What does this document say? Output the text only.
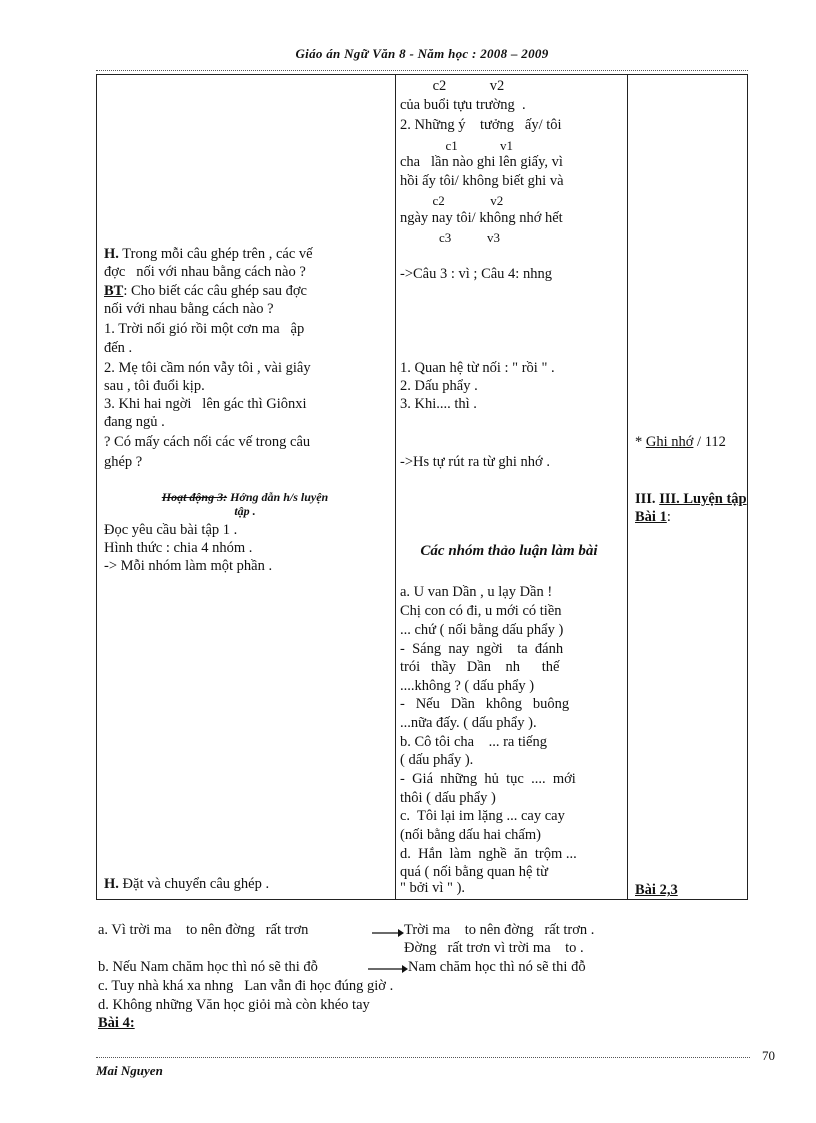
Giáo án Ngữ Văn 8 - Năm học : 2008 – 2009
c2            v2
của buổi tựu trường  .
2. Những ý    tưởng   ấy/ tôi
c1             v1
cha   lần nào ghi lên giấy, vì
hồi ấy tôi/ không biết ghi và
c2              v2
ngày nay tôi/ không nhớ hết
c3           v3
->Câu 3 : vì ; Câu 4: nhng
1. Quan hệ từ nối : " rồi " .
2. Dấu phẩy .
3. Khi.... thì .
->Hs tự rút ra từ ghi nhớ .
Các nhóm thảo luận làm bài
a. U van Dần , u lạy Dần !
Chị con có đi, u mới có tiền
... chứ ( nối bằng dấu phẩy )
-  Sáng  nay  ngời    ta  đánh
trói   thầy   Dần    nh      thế
....không ? ( dấu phẩy )
-   Nếu   Dần   không   buông
...nữa đấy. ( dấu phẩy ).
b. Cô tôi cha    ... ra tiếng
( dấu phẩy ).
-  Giá  những  hủ  tục  ....  mới
thôi ( dấu phẩy )
c.  Tôi lại im lặng ... cay cay
(nối bằng dấu hai chấm)
d.  Hắn  làm  nghề  ăn  trộm ...
quá ( nối bằng quan hệ từ
" bởi vì " ).
H. Trong mỗi câu ghép trên , các vế
đợc   nối với nhau bằng cách nào ?
BT: Cho biết các câu ghép sau đợc
nối với nhau bằng cách nào ?
1. Trời nổi gió rồi một cơn ma   ập
đến .
2. Mẹ tôi cầm nón vẫy tôi , vài giây
sau , tôi đuổi kịp.
3. Khi hai ngời   lên gác thì Giônxi
đang ngủ .
? Có mấy cách nối các vế trong câu
ghép ?
Hoạt động 3: Hớng dẫn h/s luyện
tập .
Đọc yêu cầu bài tập 1 .
Hình thức : chia 4 nhóm .
-> Mỗi nhóm làm một phần .
H. Đặt và chuyển câu ghép .
* Ghi nhớ / 112
III. III. Luyện tập
Bài 1:
Bài 2,3
a. Vì trời ma    to nên đờng   rất trơn	Trời ma    to nên đờng   rất trơn .
Đờng   rất trơn vì trời ma    to .
b. Nếu Nam chăm học thì nó sẽ thi đỗ	Nam chăm học thì nó sẽ thi đỗ
c. Tuy nhà khá xa nhng   Lan vẫn đi học đúng giờ .
d. Không những Văn học giỏi mà còn khéo tay
Bài 4:
70
Mai Nguyen
